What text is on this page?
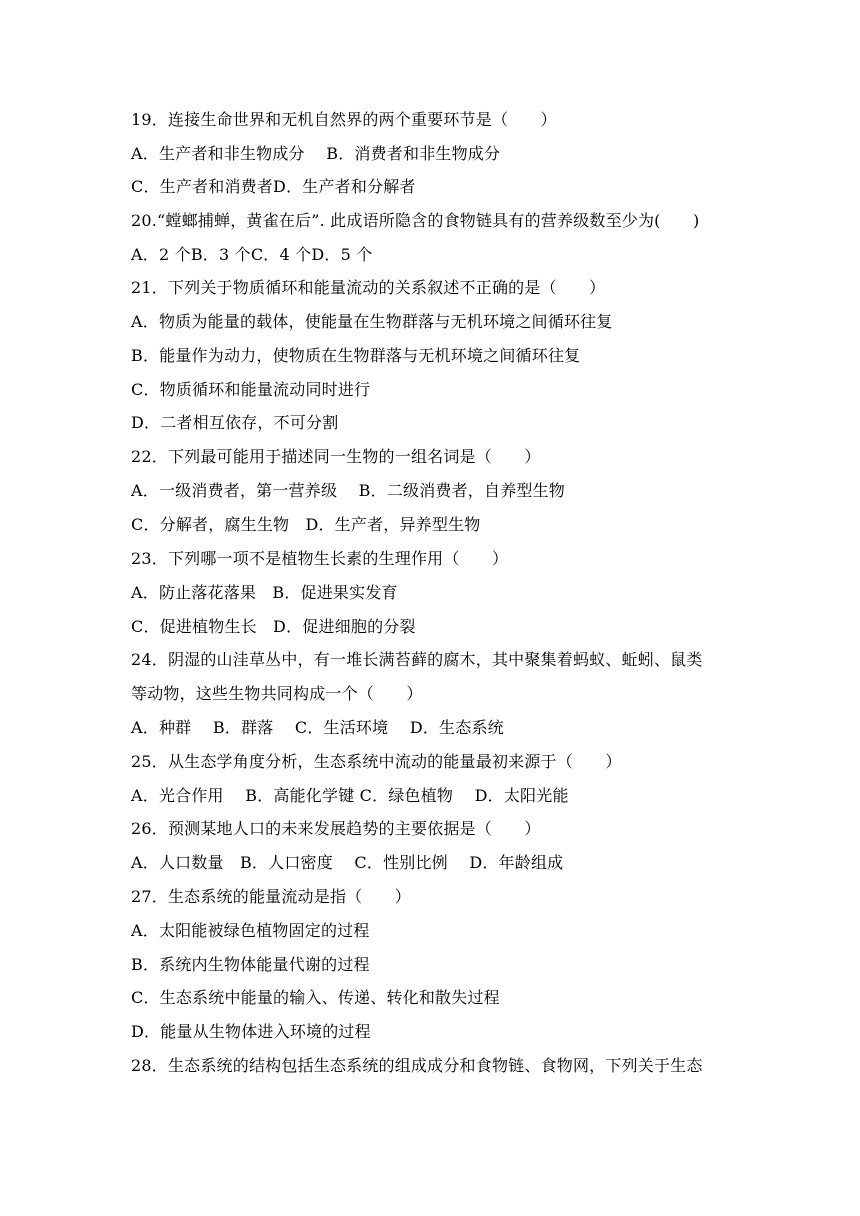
19．连接生命世界和无机自然界的两个重要环节是（　　）
A．生产者和非生物成分　 B．消费者和非生物成分
C．生产者和消费者D．生产者和分解者
20.“螳螂捕蝉，黄雀在后”. 此成语所隐含的食物链具有的营养级数至少为(　　)
A．2 个B．3 个C．4 个D．5 个
21．下列关于物质循环和能量流动的关系叙述不正确的是（　　）
A．物质为能量的载体，使能量在生物群落与无机环境之间循环往复
B．能量作为动力，使物质在生物群落与无机环境之间循环往复
C．物质循环和能量流动同时进行
D．二者相互依存，不可分割
22．下列最可能用于描述同一生物的一组名词是（　　）
A．一级消费者，第一营养级　 B．二级消费者，自养型生物
C．分解者，腐生生物　D．生产者，异养型生物
23．下列哪一项不是植物生长素的生理作用（　　）
A．防止落花落果　B．促进果实发育
C．促进植物生长　D．促进细胞的分裂
24．阴湿的山洼草丛中，有一堆长满苔藓的腐木，其中聚集着蚂蚁、蚯蚓、鼠类
等动物，这些生物共同构成一个（　　）
A．种群　 B．群落　 C．生活环境　 D．生态系统
25．从生态学角度分析，生态系统中流动的能量最初来源于（　　）
A．光合作用　 B．高能化学键 C．绿色植物　 D．太阳光能
26．预测某地人口的未来发展趋势的主要依据是（　　）
A．人口数量　B．人口密度　 C．性别比例　 D．年龄组成
27．生态系统的能量流动是指（　　）
A．太阳能被绿色植物固定的过程
B．系统内生物体能量代谢的过程
C．生态系统中能量的输入、传递、转化和散失过程
D．能量从生物体进入环境的过程
28．生态系统的结构包括生态系统的组成成分和食物链、食物网，下列关于生态
